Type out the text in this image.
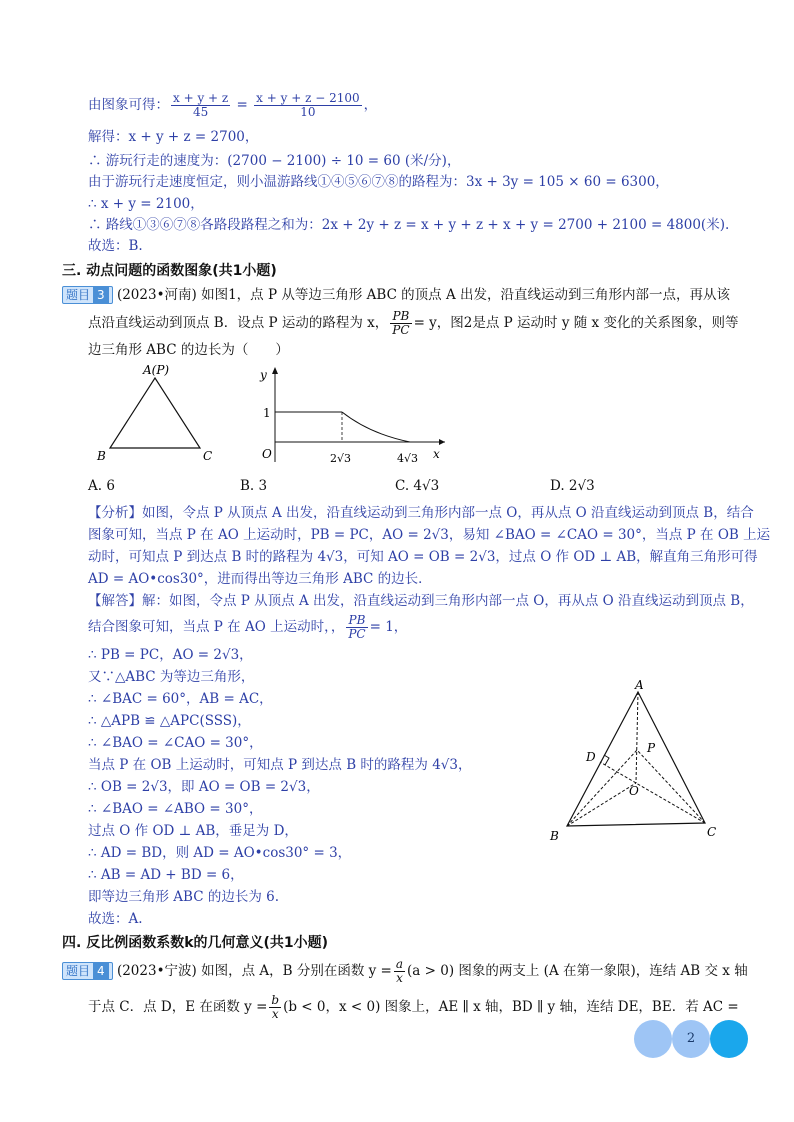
由图象可得： $\frac{x + y + z}{45} = \frac{x + y + z - 2100}{10}$ ，
解得：x + y + z = 2700，
∴ 游玩行走的速度为：(2700 − 2100) ÷ 10 = 60 (米/分)，
由于游玩行走速度恒定，则小温游路线①④⑤⑥⑦⑧的路程为：3x + 3y = 105 × 60 = 6300，
∴ x + y = 2100，
∴ 路线①③⑥⑦⑧各路段路程之和为：2x + 2y + z = x + y + z + x + y = 2700 + 2100 = 4800(米).
故选：B.
三. 动点问题的函数图象(共1小题)
题目 3 (2023•河南) 如图1，点 P 从等边三角形 ABC 的顶点 A 出发，沿直线运动到三角形内部一点，再从该
点沿直线运动到顶点 B．设点 P 运动的路程为 x， $\frac{PB}{PC} = y$，图2是点 P 运动时 y 随 x 变化的关系图象，则等
边三角形 ABC 的边长为（　　）
A(P)
B	C
y
x
O
1
2√3	4√3
A. 6	B. 3	C. 4√3	D. 2√3
【分析】如图，令点 P 从顶点 A 出发，沿直线运动到三角形内部一点 O，再从点 O 沿直线运动到顶点 B，结合
图象可知，当点 P 在 AO 上运动时，PB = PC，AO = 2√3，易知 ∠BAO = ∠CAO = 30°，当点 P 在 OB 上运
动时，可知点 P 到达点 B 时的路程为 4√3，可知 AO = OB = 2√3，过点 O 作 OD ⊥ AB，解直角三角形可得
AD = AO•cos30°，进而得出等边三角形 ABC 的边长．
【解答】解：如图，令点 P 从顶点 A 出发，沿直线运动到三角形内部一点 O，再从点 O 沿直线运动到顶点 B，
结合图象可知，当点 P 在 AO 上运动时，， $\frac{PB}{PC} = 1$，
∴ PB = PC，AO = 2√3，
又∵△ABC 为等边三角形，
∴ ∠BAC = 60°，AB = AC，
∴ △APB ≌ △APC(SSS)，
∴ ∠BAO = ∠CAO = 30°，
当点 P 在 OB 上运动时，可知点 P 到达点 B 时的路程为 4√3，
∴ OB = 2√3，即 AO = OB = 2√3，
∴ ∠BAO = ∠ABO = 30°，
过点 O 作 OD ⊥ AB，垂足为 D，
∴ AD = BD，则 AD = AO•cos30° = 3，
∴ AB = AD + BD = 6，
即等边三角形 ABC 的边长为 6.
故选：A.
A
B	C
D
P
O
四. 反比例函数系数k的几何意义(共1小题)
题目 4 (2023•宁波) 如图，点 A，B 分别在函数 $y = \frac{a}{x} (a > 0)$ 图象的两支上 (A 在第一象限)，连结 AB 交 x 轴
于点 C．点 D，E 在函数 $y = \frac{b}{x} (b < 0$，x < 0) 图象上，AE ∥ x 轴，BD ∥ y 轴，连结 DE，BE．若 AC =
2
